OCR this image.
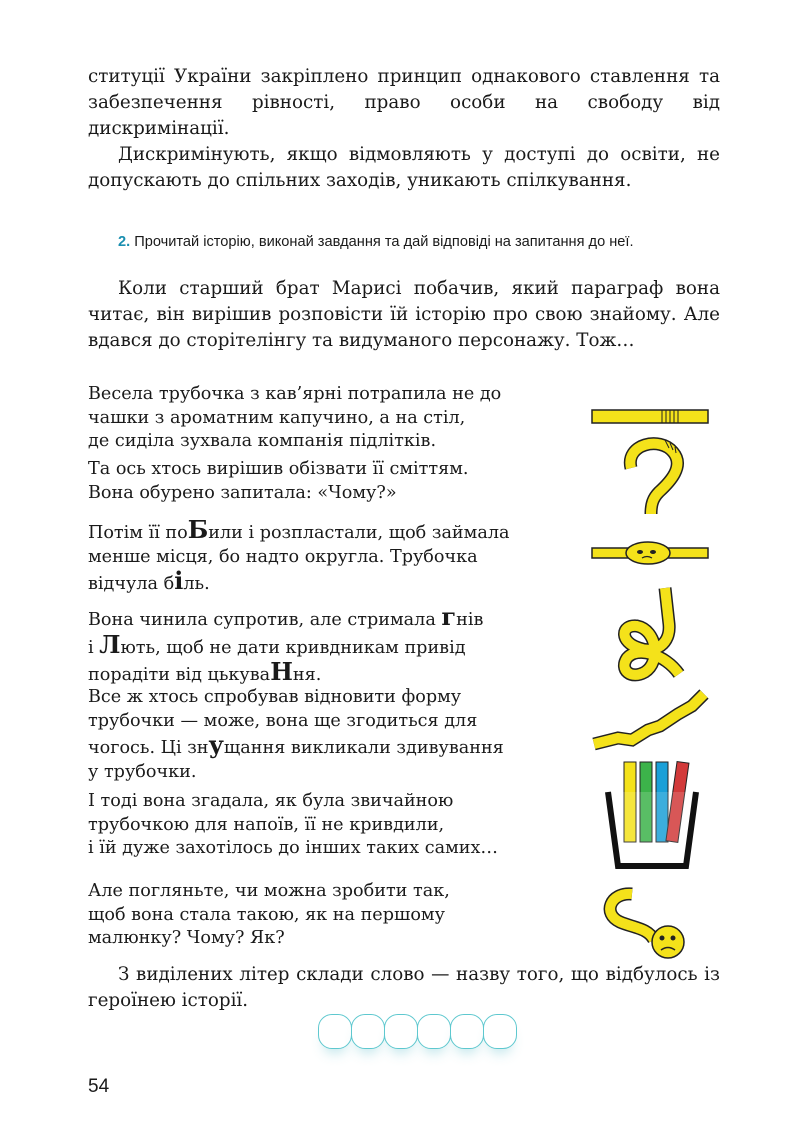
ституції України закріплено принцип однакового ставлення та забезпечення рівності, право особи на свободу від дискримінації.

Дискримінують, якщо відмовляють у доступі до освіти, не допускають до спільних заходів, уникають спілкування.

2. Прочитай історію, виконай завдання та дай відповіді на запитання до неї.

Коли старший брат Марисі побачив, який параграф вона читає, він вирішив розповісти їй історію про свою знайому. Але вдався до сторітелінгу та видуманого персонажу. Тож…

Весела трубочка з кав’ярні потрапила не до
чашки з ароматним капучино, а на стіл,
де сиділа зухвала компанія підлітків.
Та ось хтось вирішив обізвати її сміттям.
Вона обурено запитала: «Чому?»
Потім її поБили і розпластали, щоб займала
менше місця, бо надто округла. Трубочка
відчула біль.
Вона чинила супротив, але стримала гнів
і Лють, щоб не дати кривдникам привід
порадіти від цькуваНня.
Все ж хтось спробував відновити форму
трубочки — може, вона ще згодиться для
чогось. Ці знущання викликали здивування
у трубочки.
І тоді вона згадала, як була звичайною
трубочкою для напоїв, її не кривдили,
і їй дуже захотілось до інших таких самих…
Але погляньте, чи можна зробити так,
щоб вона стала такою, як на першому
малюнку? Чому? Як?

З виділених літер склади слово — назву того, що відбулось із героїнею історії.

54
